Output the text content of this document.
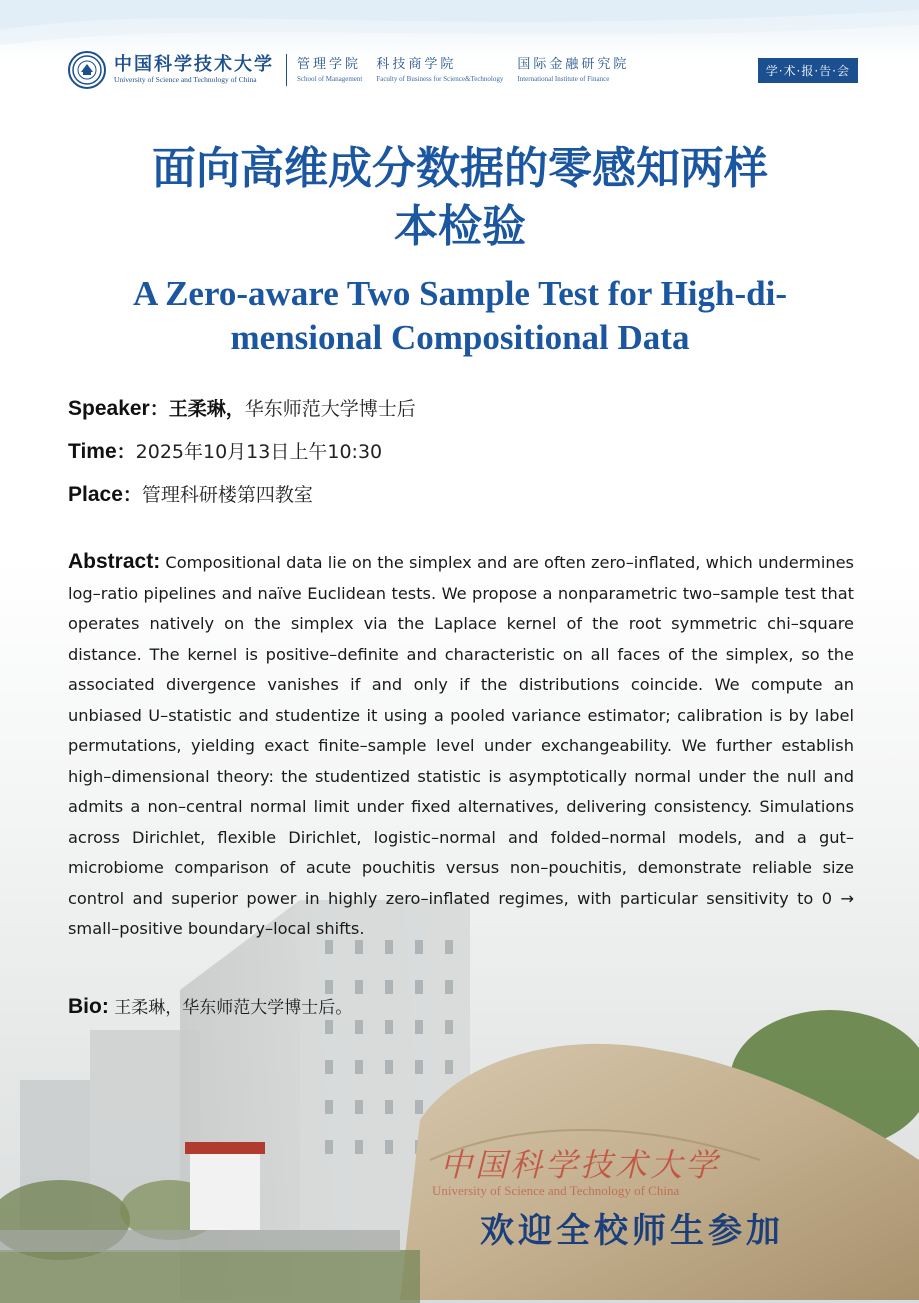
中国科学技术大学
University of Science and Technology of China
管理学院
School of Management
科技商学院
Faculty of Business for Science&Technology
国际金融研究院
International Institute of Finance
学·术·报·告·会
面向高维成分数据的零感知两样
本检验
A Zero-aware Two Sample Test for High-di-
mensional Compositional Data
Speaker：王柔琳，华东师范大学博士后
Time：2025年10月13日上午10:30
Place：管理科研楼第四教室
Abstract: Compositional data lie on the simplex and are often zero–inflated, which undermines log–ratio pipelines and naïve Euclidean tests. We propose a nonparametric two–sample test that operates natively on the simplex via the Laplace kernel of the root symmetric chi–square distance. The kernel is positive–definite and characteristic on all faces of the simplex, so the associated divergence vanishes if and only if the distributions coincide. We compute an unbiased U–statistic and studentize it using a pooled variance estimator; calibration is by label permutations, yielding exact finite–sample level under exchangeability. We further establish high–dimensional theory: the studentized statistic is asymptotically normal under the null and admits a non–central normal limit under fixed alternatives, delivering consistency. Simulations across Dirichlet, flexible Dirichlet, logistic–normal and folded–normal models, and a gut–microbiome comparison of acute pouchitis versus non–pouchitis, demonstrate reliable size control and superior power in highly zero–inflated regimes, with particular sensitivity to 0 → small–positive boundary–local shifts.
Bio: 王柔琳，华东师范大学博士后。
中国科学技术大学
University of Science and Technology of China
欢迎全校师生参加
